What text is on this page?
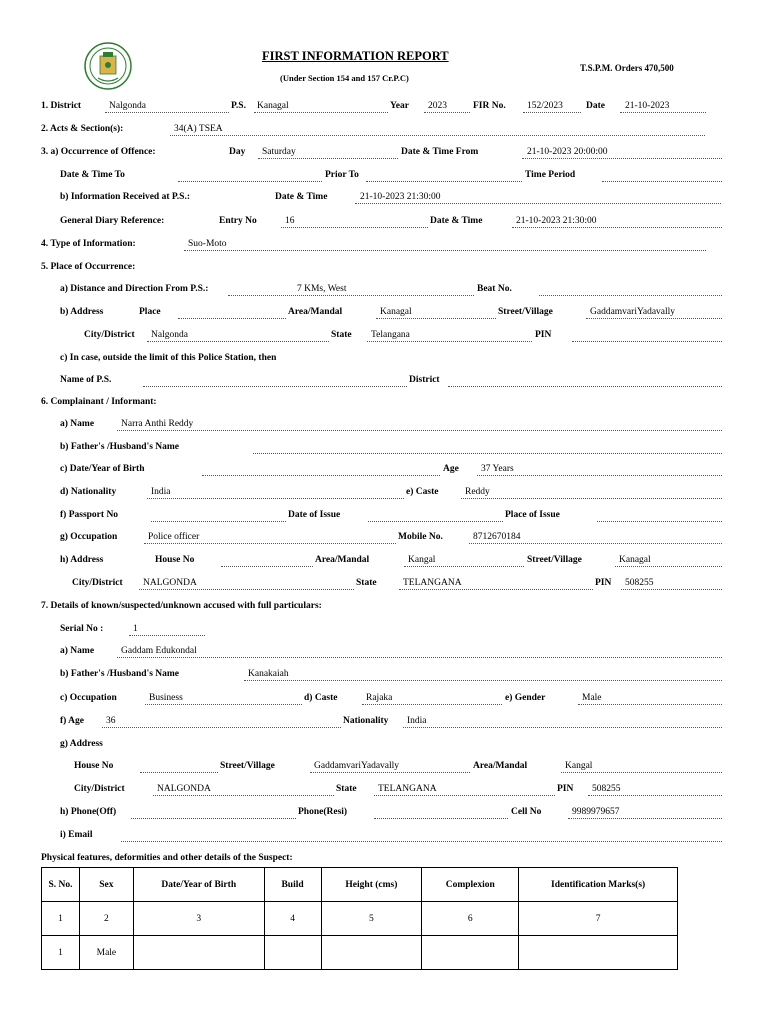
FIRST INFORMATION REPORT
(Under Section 154 and 157 Cr.P.C)
T.S.P.M. Orders 470,500
1. District	Nalgonda	P.S. Kanagal	Year 2023	FIR No. 152/2023 Date 21-10-2023
2. Acts & Section(s):	34(A) TSEA
3. a) Occurrence of Offence:	Day Saturday	Date & Time From	21-10-2023 20:00:00
Date & Time To	Prior To	Time Period
b) Information Received at P.S.:	Date & Time	21-10-2023 21:30:00
General Diary Reference:	Entry No	16	Date & Time	21-10-2023 21:30:00
4. Type of Information:	Suo-Moto
5. Place of Occurrence:
a) Distance and Direction From P.S.:	7 KMs, West	Beat No.
b) Address	Place	Area/Mandal	Kanagal	Street/Village	GaddamvariYadavally
City/District Nalgonda	State Telangana	PIN
c) In case, outside the limit of this Police Station, then
Name of P.S.	District
6. Complainant / Informant:
a) Name	Narra Anthi Reddy
b) Father's /Husband's Name
c) Date/Year of Birth	Age 37 Years
d) Nationality	India	e) Caste	Reddy
f) Passport No	Date of Issue	Place of Issue
g) Occupation	Police officer	Mobile No.	8712670184
h) Address	House No	Area/Mandal	Kangal	Street/Village	Kanagal
City/District NALGONDA	State	TELANGANA	PIN 508255
7. Details of known/suspected/unknown accused with full particulars:
Serial No :	1
a) Name	Gaddam Edukondal
b) Father's /Husband's Name	Kanakaiah
c) Occupation	Business	d) Caste	Rajaka	e) Gender	Male
f) Age 36	Nationality India
g) Address
House No	Street/Village	GaddamvariYadavally	Area/Mandal	Kangal
City/District	NALGONDA	State TELANGANA	PIN 508255
h) Phone(Off)	Phone(Resi)	Cell No	9989979657
i) Email
Physical features, deformities and other details of the Suspect:
S. No.	Sex	Date/Year of Birth	Build	Height (cms)	Complexion	Identification Marks(s)
1	2	3	4	5	6	7
1	Male					
